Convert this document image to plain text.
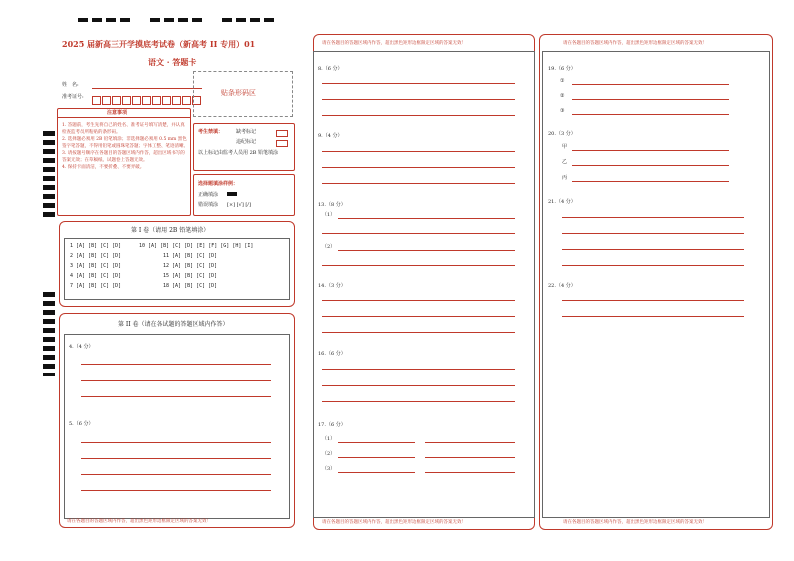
2025 届新高三开学摸底考试卷（新高考 II 专用）01
语文 · 答题卡
姓　名:
准考证号:	贴条形码区
注意事项
1. 答题前，考生先将自己的姓名、准考证号填写清楚，并认真检查监考员所粘贴的条形码。
2. 选择题必须用 2B 铅笔填涂；非选择题必须用 0.5 mm 黑色签字笔答题，不得用铅笔或圆珠笔答题；字体工整、笔迹清晰。
3. 请按题号顺序在各题目的答题区域内作答，超出区域书写的答案无效；在草稿纸、试题卷上答题无效。
4. 保持卡面清洁，不要折叠、不要弄破。
考生禁填：	缺考标记
违纪标记
以上标记由监考人员用 2B 铅笔填涂
选择题填涂样例：
正确填涂
错误填涂 [×] [√] [/]
第 I 卷（请用 2B 铅笔填涂）
1 [A] [B] [C] [D]
2 [A] [B] [C] [D]
3 [A] [B] [C] [D]
4 [A] [B] [C] [D]
7 [A] [B] [C] [D]
10 [A] [B] [C] [D] [E] [F] [G] [H] [I]
11 [A] [B] [C] [D]
12 [A] [B] [C] [D]
15 [A] [B] [C] [D]
18 [A] [B] [C] [D]
第 II 卷（请在各试题的答题区域内作答）
4.（4 分）
5.（6 分）
请在各题目的答题区域内作答，超出黑色矩形边框限定区域的答案无效！
请在各题目的答题区域内作答，超出黑色矩形边框限定区域的答案无效！
8.（6 分）
9.（4 分）
13.（8 分）
（1）
（2）
14.（3 分）
16.（6 分）
17.（6 分）
（1）
（2）
（3）
请在各题目的答题区域内作答，超出黑色矩形边框限定区域的答案无效！
请在各题目的答题区域内作答，超出黑色矩形边框限定区域的答案无效！
19.（6 分）
①
②
③
20.（3 分）
甲
乙
丙
21.（4 分）
22.（4 分）
请在各题目的答题区域内作答，超出黑色矩形边框限定区域的答案无效！
